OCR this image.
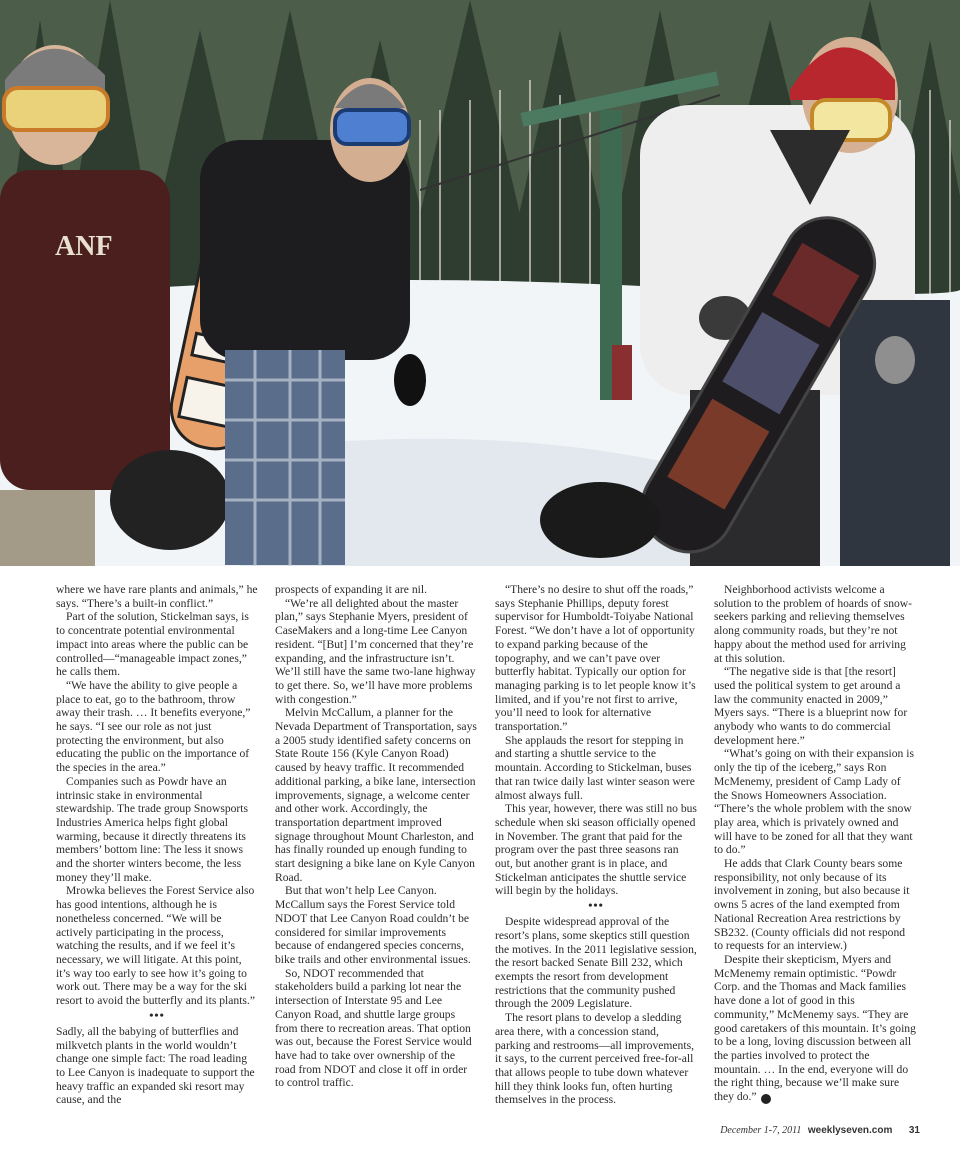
ANF

where we have rare plants and animals,” he says. “There’s a built-in conflict.”

Part of the solution, Stickelman says, is to concentrate potential environmental impact into areas where the public can be controlled—“manageable impact zones,” he calls them.

“We have the ability to give people a place to eat, go to the bathroom, throw away their trash. … It benefits everyone,” he says. “I see our role as not just protecting the environment, but also educating the public on the importance of the species in the area.”

Companies such as Powdr have an intrinsic stake in environmental stewardship. The trade group Snowsports Industries America helps fight global warming, because it directly threatens its members’ bottom line: The less it snows and the shorter winters become, the less money they’ll make.

Mrowka believes the Forest Service also has good intentions, although he is nonetheless concerned. “We will be actively participating in the process, watching the results, and if we feel it’s necessary, we will litigate. At this point, it’s way too early to see how it’s going to work out. There may be a way for the ski resort to avoid the butterfly and its plants.”

•••

Sadly, all the babying of butterflies and milkvetch plants in the world wouldn’t change one simple fact: The road leading to Lee Canyon is inadequate to support the heavy traffic an expanded ski resort may cause, and the

prospects of expanding it are nil.

“We’re all delighted about the master plan,” says Stephanie Myers, president of CaseMakers and a long-time Lee Canyon resident. “[But] I’m concerned that they’re expanding, and the infrastructure isn’t. We’ll still have the same two-lane highway to get there. So, we’ll have more problems with congestion.”

Melvin McCallum, a planner for the Nevada Department of Transportation, says a 2005 study identified safety concerns on State Route 156 (Kyle Canyon Road) caused by heavy traffic. It recommended additional parking, a bike lane, intersection improvements, signage, a welcome center and other work. Accordingly, the transportation department improved signage throughout Mount Charleston, and has finally rounded up enough funding to start designing a bike lane on Kyle Canyon Road.

But that won’t help Lee Canyon. McCallum says the Forest Service told NDOT that Lee Canyon Road couldn’t be considered for similar improvements because of endangered species concerns, bike trails and other environmental issues.

So, NDOT recommended that stakeholders build a parking lot near the intersection of Interstate 95 and Lee Canyon Road, and shuttle large groups from there to recreation areas. That option was out, because the Forest Service would have had to take over ownership of the road from NDOT and close it off in order to control traffic.

“There’s no desire to shut off the roads,” says Stephanie Phillips, deputy forest supervisor for Humboldt-Toiyabe National Forest. “We don’t have a lot of opportunity to expand parking because of the topography, and we can’t pave over butterfly habitat. Typically our option for managing parking is to let people know it’s limited, and if you’re not first to arrive, you’ll need to look for alternative transportation.”

She applauds the resort for stepping in and starting a shuttle service to the mountain. According to Stickelman, buses that ran twice daily last winter season were almost always full.

This year, however, there was still no bus schedule when ski season officially opened in November. The grant that paid for the program over the past three seasons ran out, but another grant is in place, and Stickelman anticipates the shuttle service will begin by the holidays.

•••

Despite widespread approval of the resort’s plans, some skeptics still question the motives. In the 2011 legislative session, the resort backed Senate Bill 232, which exempts the resort from development restrictions that the community pushed through the 2009 Legislature.

The resort plans to develop a sledding area there, with a concession stand, parking and restrooms—all improvements, it says, to the current perceived free-for-all that allows people to tube down whatever hill they think looks fun, often hurting themselves in the process.

Neighborhood activists welcome a solution to the problem of hoards of snow-seekers parking and relieving themselves along community roads, but they’re not happy about the method used for arriving at this solution.

“The negative side is that [the resort] used the political system to get around a law the community enacted in 2009,” Myers says. “There is a blueprint now for anybody who wants to do commercial development here.”

“What’s going on with their expansion is only the tip of the iceberg,” says Ron McMenemy, president of Camp Lady of the Snows Homeowners Association. “There’s the whole problem with the snow play area, which is privately owned and will have to be zoned for all that they want to do.”

He adds that Clark County bears some responsibility, not only because of its involvement in zoning, but also because it owns 5 acres of the land exempted from National Recreation Area restrictions by SB232. (County officials did not respond to requests for an interview.)

Despite their skepticism, Myers and McMenemy remain optimistic. “Powdr Corp. and the Thomas and Mack families have done a lot of good in this community,” McMenemy says. “They are good caretakers of this mountain. It’s going to be a long, loving discussion between all the parties involved to protect the mountain. … In the end, everyone will do the right thing, because we’ll make sure they do.” 7

December 1-7, 2011 weeklyseven.com 31
